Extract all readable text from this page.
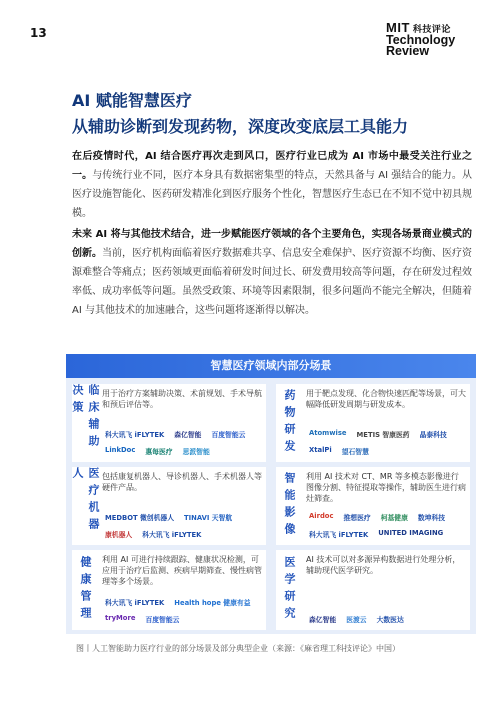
13	MIT 科技评论
Technology
Review
AI 赋能智慧医疗
从辅助诊断到发现药物，深度改变底层工具能力
在后疫情时代，AI 结合医疗再次走到风口，医疗行业已成为 AI 市场中最受关注行业之一。与传统行业不同，医疗本身具有数据密集型的特点，天然具备与 AI 强结合的能力。从医疗设施智能化、医药研发精准化到医疗服务个性化，智慧医疗生态已在不知不觉中初具规模。
未来 AI 将与其他技术结合，进一步赋能医疗领域的各个主要角色，实现各场景商业模式的创新。当前，医疗机构面临着医疗数据难共享、信息安全难保护、医疗资源不均衡、医疗资源难整合等痛点；医药领域更面临着研发时间过长、研发费用较高等问题，存在研发过程效率低、成功率低等问题。虽然受政策、环境等因素限制，很多问题尚不能完全解决，但随着 AI 与其他技术的加速融合，这些问题将逐渐得以解决。
智慧医疗领域内部分场景
临床辅助决策	用于治疗方案辅助决策、术前规划、手术导航和预后评估等。
科大讯飞 iFLYTEK	森亿智能	百度智能云
LinkDoc	惠每医疗	思派智能	药物研发 用于靶点发现、化合物快速匹配等场景，可大幅降低研发周期与研发成本。
Atomwise	METIS 智康医药	晶泰科技
XtalPi	望石智慧
医疗机器人	包括康复机器人、导诊机器人、手术机器人等硬件产品。
MEDBOT 微创机器人	TINAVI 天智航
康机器人	科大讯飞 iFLYTEK	智能影像 利用 AI 技术对 CT、MR 等多模态影像进行图像分割、特征提取等操作，辅助医生进行病灶筛查。
Airdoc	推想医疗	柯基健康	数坤科技
科大讯飞 iFLYTEK	UNITED IMAGING
健康管理 利用 AI 可进行持续跟踪、健康状况检测，可应用于治疗后监测、疾病早期筛查、慢性病管理等多个场景。
科大讯飞 iFLYTEK	Health hope 健康有益
tryMore	百度智能云	医学研究 AI 技术可以对多源异构数据进行处理分析，辅助现代医学研究。
森亿智能	医渡云	大数医达
图丨人工智能助力医疗行业的部分场景及部分典型企业（来源：《麻省理工科技评论》中国）
